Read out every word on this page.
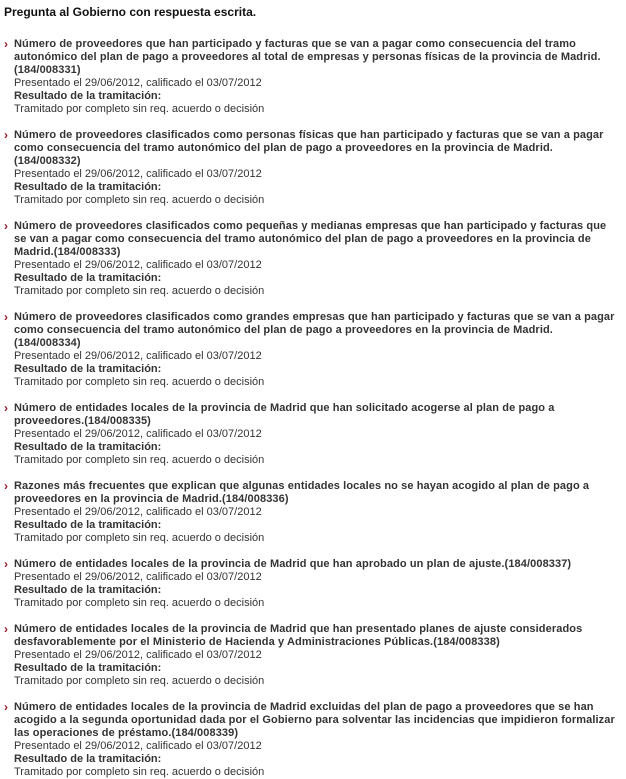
Pregunta al Gobierno con respuesta escrita.
› Número de proveedores que han participado y facturas que se van a pagar como consecuencia del tramo autonómico del plan de pago a proveedores al total de empresas y personas físicas de la provincia de Madrid.(184/008331)
Presentado el 29/06/2012, calificado el 03/07/2012
Resultado de la tramitación:
Tramitado por completo sin req. acuerdo o decisión
› Número de proveedores clasificados como personas físicas que han participado y facturas que se van a pagar como consecuencia del tramo autonómico del plan de pago a proveedores en la provincia de Madrid.(184/008332)
Presentado el 29/06/2012, calificado el 03/07/2012
Resultado de la tramitación:
Tramitado por completo sin req. acuerdo o decisión
› Número de proveedores clasificados como pequeñas y medianas empresas que han participado y facturas que se van a pagar como consecuencia del tramo autonómico del plan de pago a proveedores en la provincia de Madrid.(184/008333)
Presentado el 29/06/2012, calificado el 03/07/2012
Resultado de la tramitación:
Tramitado por completo sin req. acuerdo o decisión
› Número de proveedores clasificados como grandes empresas que han participado y facturas que se van a pagar como consecuencia del tramo autonómico del plan de pago a proveedores en la provincia de Madrid.(184/008334)
Presentado el 29/06/2012, calificado el 03/07/2012
Resultado de la tramitación:
Tramitado por completo sin req. acuerdo o decisión
› Número de entidades locales de la provincia de Madrid que han solicitado acogerse al plan de pago a proveedores.(184/008335)
Presentado el 29/06/2012, calificado el 03/07/2012
Resultado de la tramitación:
Tramitado por completo sin req. acuerdo o decisión
› Razones más frecuentes que explican que algunas entidades locales no se hayan acogido al plan de pago a proveedores en la provincia de Madrid.(184/008336)
Presentado el 29/06/2012, calificado el 03/07/2012
Resultado de la tramitación:
Tramitado por completo sin req. acuerdo o decisión
› Número de entidades locales de la provincia de Madrid que han aprobado un plan de ajuste.(184/008337)
Presentado el 29/06/2012, calificado el 03/07/2012
Resultado de la tramitación:
Tramitado por completo sin req. acuerdo o decisión
› Número de entidades locales de la provincia de Madrid que han presentado planes de ajuste considerados desfavorablemente por el Ministerio de Hacienda y Administraciones Públicas.(184/008338)
Presentado el 29/06/2012, calificado el 03/07/2012
Resultado de la tramitación:
Tramitado por completo sin req. acuerdo o decisión
› Número de entidades locales de la provincia de Madrid excluidas del plan de pago a proveedores que se han acogido a la segunda oportunidad dada por el Gobierno para solventar las incidencias que impidieron formalizar las operaciones de préstamo.(184/008339)
Presentado el 29/06/2012, calificado el 03/07/2012
Resultado de la tramitación:
Tramitado por completo sin req. acuerdo o decisión
